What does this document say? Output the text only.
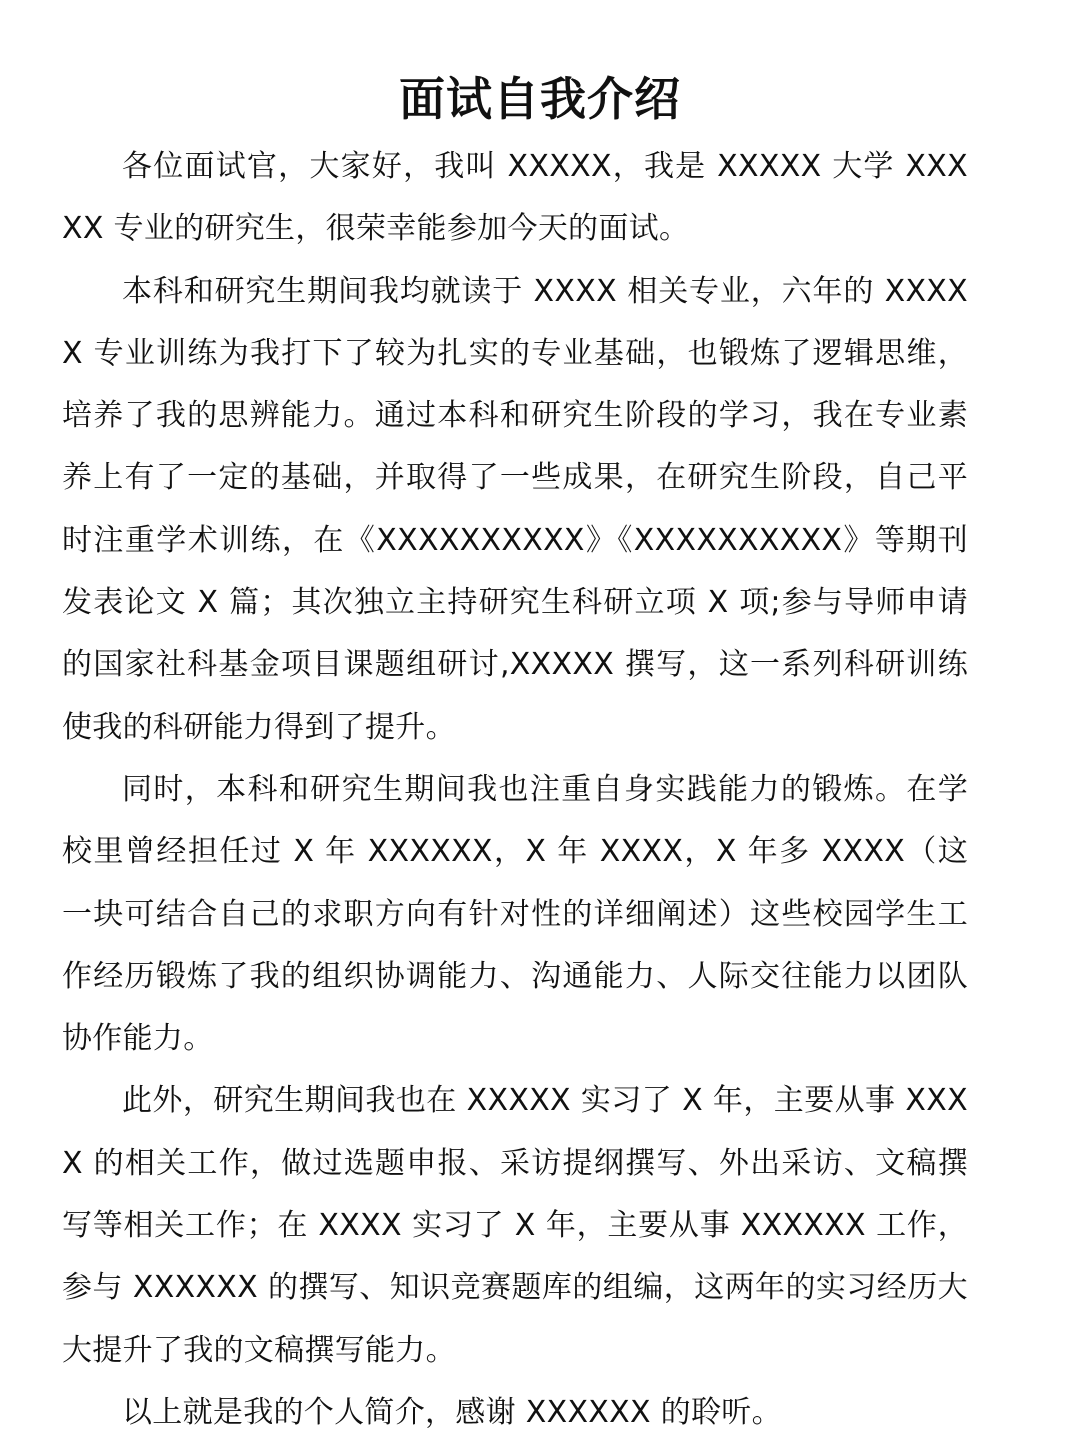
面试自我介绍

各位面试官，大家好，我叫 XXXXX，我是 XXXXX 大学 XXXXX 专业的研究生，很荣幸能参加今天的面试。

本科和研究生期间我均就读于 XXXX 相关专业，六年的 XXXXX 专业训练为我打下了较为扎实的专业基础，也锻炼了逻辑思维，培养了我的思辨能力。通过本科和研究生阶段的学习，我在专业素养上有了一定的基础，并取得了一些成果，在研究生阶段，自己平时注重学术训练，在《XXXXXXXXXX》《XXXXXXXXXX》等期刊发表论文 X 篇；其次独立主持研究生科研立项 X 项;参与导师申请的国家社科基金项目课题组研讨,XXXXX 撰写，这一系列科研训练使我的科研能力得到了提升。

同时，本科和研究生期间我也注重自身实践能力的锻炼。在学校里曾经担任过 X 年 XXXXXX，X 年 XXXX，X 年多 XXXX（这一块可结合自己的求职方向有针对性的详细阐述）这些校园学生工作经历锻炼了我的组织协调能力、沟通能力、人际交往能力以团队协作能力。

此外，研究生期间我也在 XXXXX 实习了 X 年，主要从事 XXXX 的相关工作，做过选题申报、采访提纲撰写、外出采访、文稿撰写等相关工作；在 XXXX 实习了 X 年，主要从事 XXXXXX 工作，参与 XXXXXX 的撰写、知识竞赛题库的组编，这两年的实习经历大大提升了我的文稿撰写能力。

以上就是我的个人简介，感谢 XXXXXX 的聆听。
